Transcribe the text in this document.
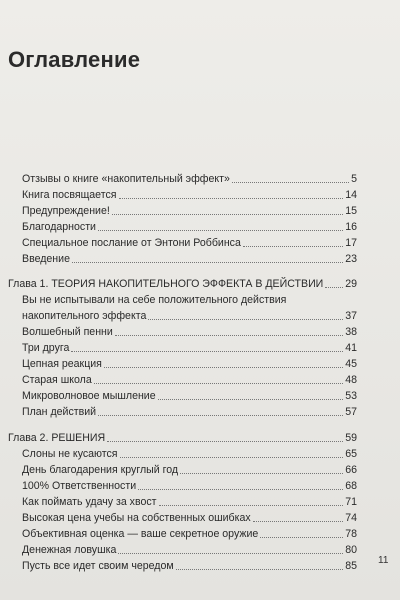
Оглавление
Отзывы о книге «накопительный эффект»	5
Книга посвящается	14
Предупреждение!	15
Благодарности	16
Специальное послание от Энтони Роббинса	17
Введение	23
Глава 1. ТЕОРИЯ НАКОПИТЕЛЬНОГО ЭФФЕКТА В ДЕЙСТВИИ 29
Вы не испытывали на себе положительного действия
накопительного эффекта	37
Волшебный пенни	38
Три друга	41
Цепная реакция	45
Старая школа	48
Микроволновое мышление	53
План действий	57
Глава 2. РЕШЕНИЯ	59
Слоны не кусаются	65
День благодарения круглый год	66
100% Ответственности	68
Как поймать удачу за хвост	71
Высокая цена учебы на собственных ошибках	74
Объективная оценка — ваше секретное оружие	78
Денежная ловушка	80
Пусть все идет своим чередом	85 11
